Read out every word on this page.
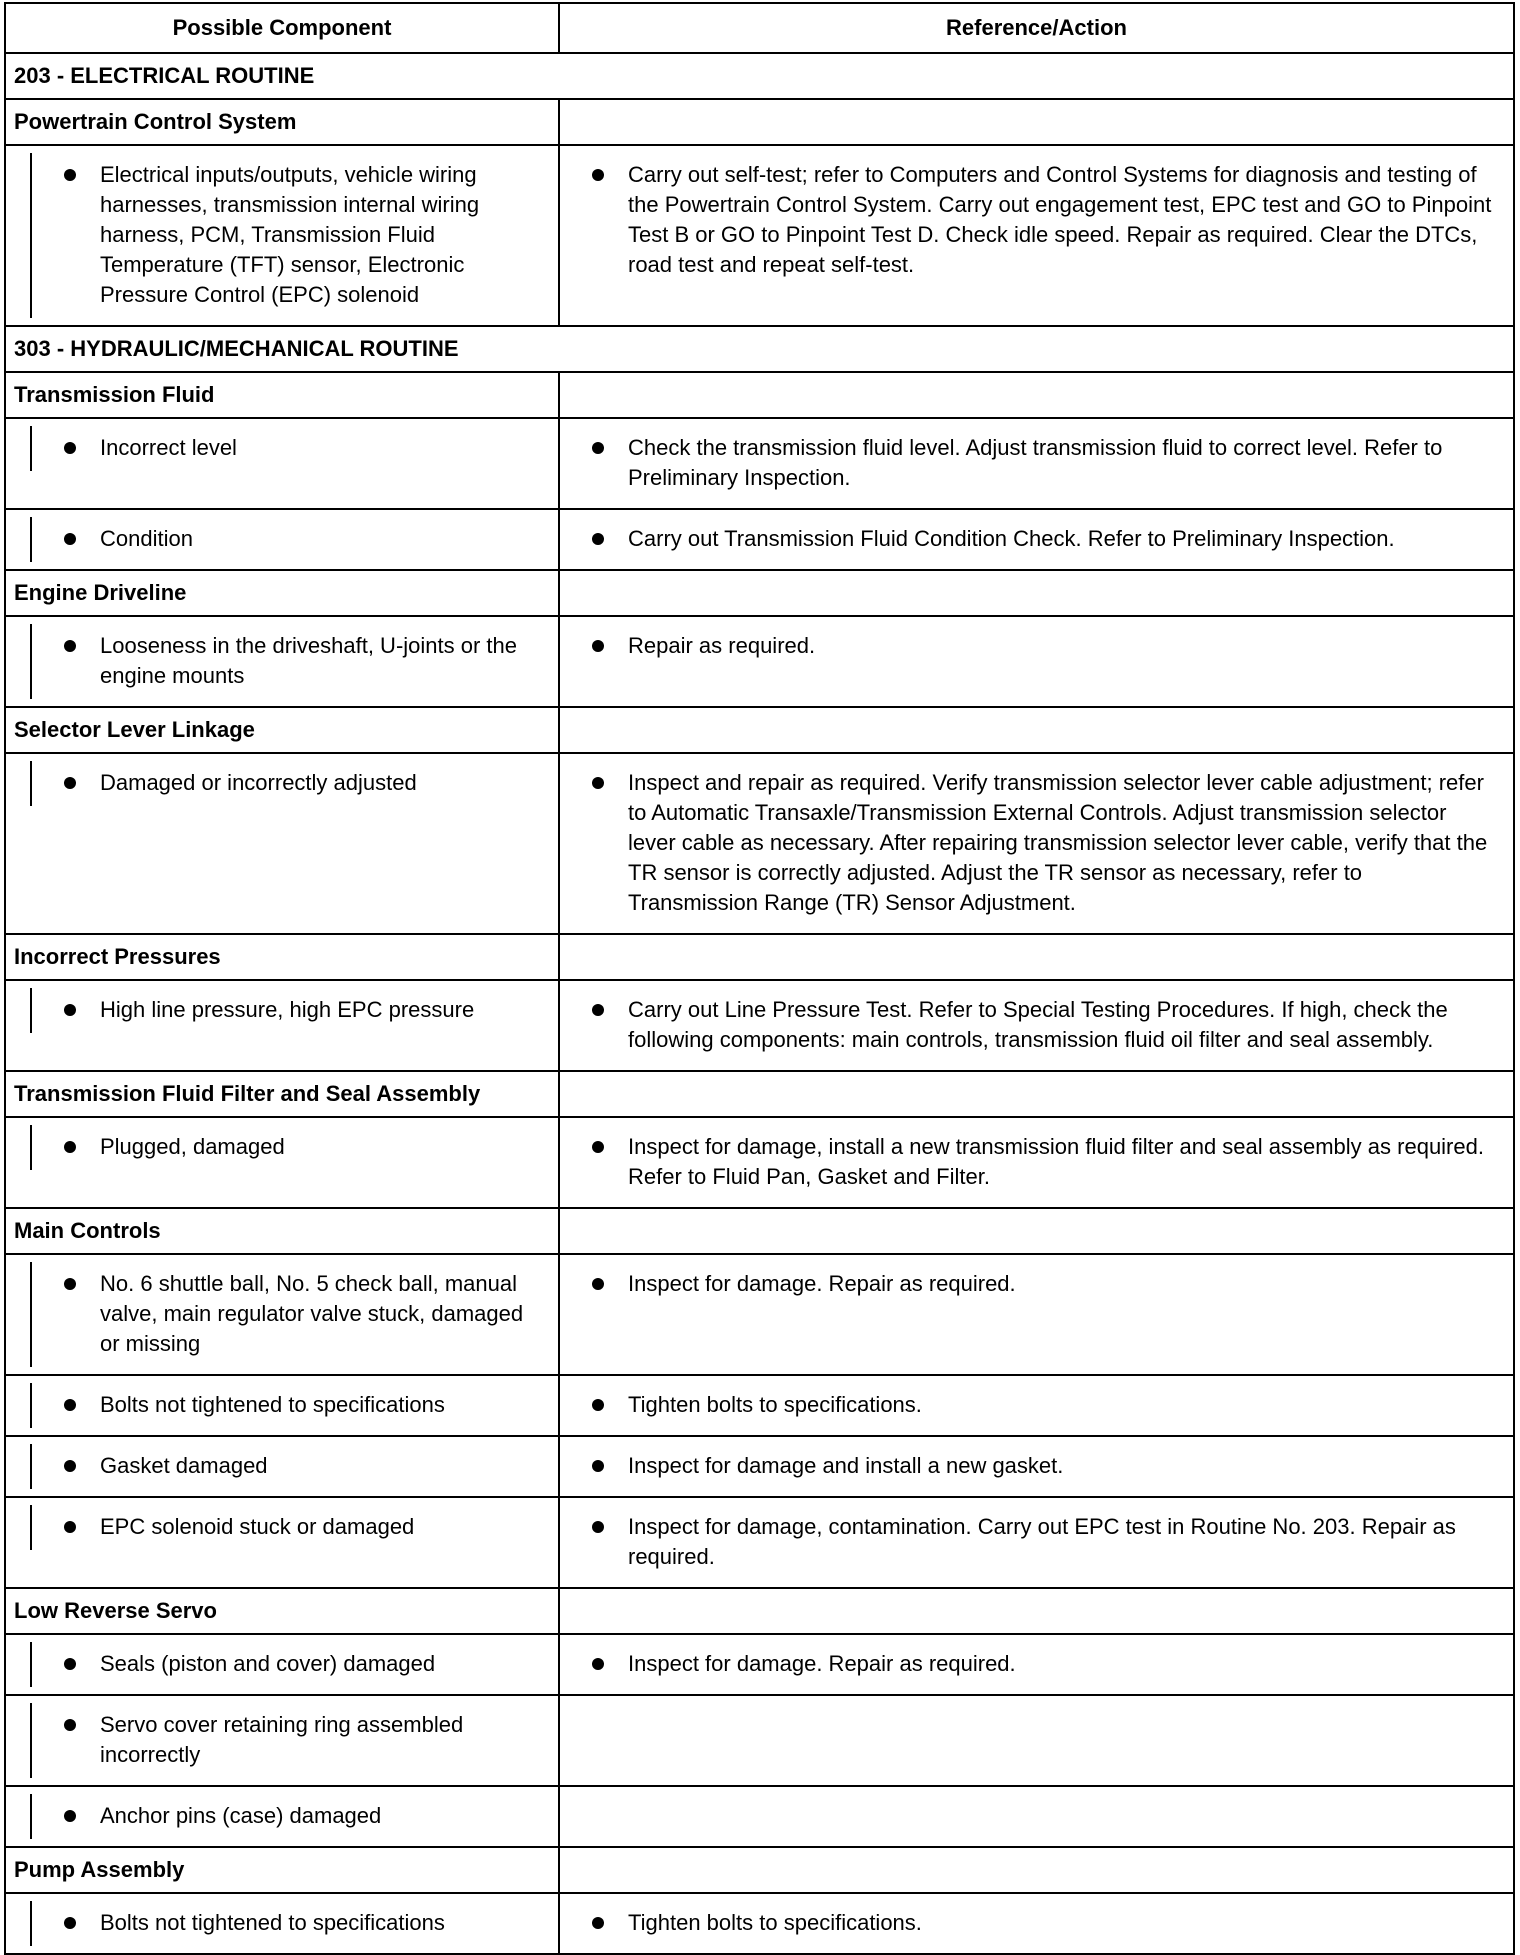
Possible Component	Reference/Action
203 - ELECTRICAL ROUTINE	
Powertrain Control System	

Electrical inputs/outputs, vehicle wiring harnesses, transmission internal wiring harness, PCM, Transmission Fluid Temperature (TFT) sensor, Electronic Pressure Control (EPC) solenoid	Carry out self-test; refer to Computers and Control Systems for diagnosis and testing of the Powertrain Control System. Carry out engagement test, EPC test and GO to Pinpoint Test B or GO to Pinpoint Test D. Check idle speed. Repair as required. Clear the DTCs, road test and repeat self-test.

303 - HYDRAULIC/MECHANICAL ROUTINE	
Transmission Fluid	

Incorrect level	Check the transmission fluid level. Adjust transmission fluid to correct level. Refer to Preliminary Inspection.

Condition	Carry out Transmission Fluid Condition Check. Refer to Preliminary Inspection.

Engine Driveline	

Looseness in the driveshaft, U-joints or the engine mounts	Repair as required.

Selector Lever Linkage	

Damaged or incorrectly adjusted	Inspect and repair as required. Verify transmission selector lever cable adjustment; refer to Automatic Transaxle/Transmission External Controls. Adjust transmission selector lever cable as necessary. After repairing transmission selector lever cable, verify that the TR sensor is correctly adjusted. Adjust the TR sensor as necessary, refer to Transmission Range (TR) Sensor Adjustment.

Incorrect Pressures	

High line pressure, high EPC pressure	Carry out Line Pressure Test. Refer to Special Testing Procedures. If high, check the following components: main controls, transmission fluid oil filter and seal assembly.

Transmission Fluid Filter and Seal Assembly	

Plugged, damaged	Inspect for damage, install a new transmission fluid filter and seal assembly as required. Refer to Fluid Pan, Gasket and Filter.

Main Controls	

No. 6 shuttle ball, No. 5 check ball, manual valve, main regulator valve stuck, damaged or missing	Inspect for damage. Repair as required.

Bolts not tightened to specifications	Tighten bolts to specifications.

Gasket damaged	Inspect for damage and install a new gasket.

EPC solenoid stuck or damaged	Inspect for damage, contamination. Carry out EPC test in Routine No. 203. Repair as required.

Low Reverse Servo	

Seals (piston and cover) damaged	Inspect for damage. Repair as required.

Servo cover retaining ring assembled incorrectly	

Anchor pins (case) damaged	

Pump Assembly	

Bolts not tightened to specifications	Tighten bolts to specifications.
